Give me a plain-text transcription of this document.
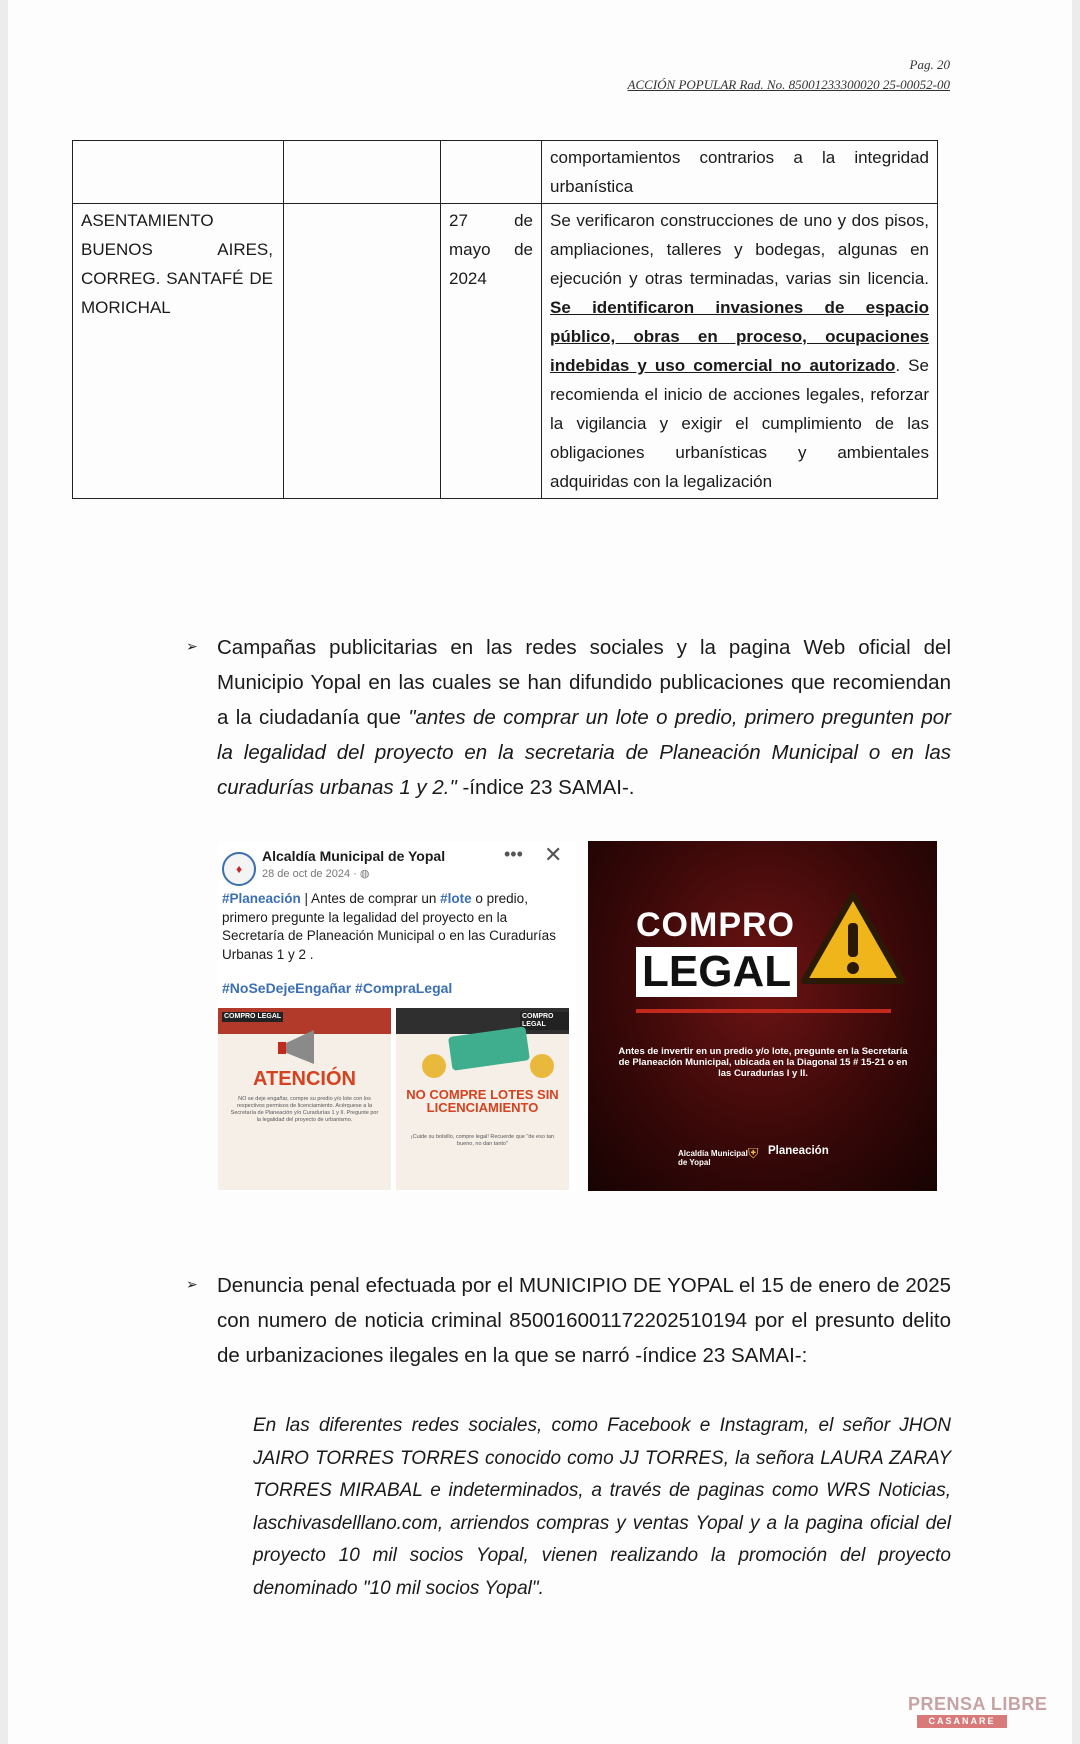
Pag. 20
ACCIÓN POPULAR Rad. No. 85001233300020 25-00052-00
			comportamientos contrarios a la integridad urbanística
ASENTAMIENTO BUENOS AIRES, CORREG. SANTAFÉ DE MORICHAL		27 de mayo de 2024	Se verificaron construcciones de uno y dos pisos, ampliaciones, talleres y bodegas, algunas en ejecución y otras terminadas, varias sin licencia. Se identificaron invasiones de espacio público, obras en proceso, ocupaciones indebidas y uso comercial no autorizado. Se recomienda el inicio de acciones legales, reforzar la vigilancia y exigir el cumplimiento de las obligaciones urbanísticas y ambientales adquiridas con la legalización
➢ Campañas publicitarias en las redes sociales y la pagina Web oficial del Municipio Yopal en las cuales se han difundido publicaciones que recomiendan a la ciudadanía que "antes de comprar un lote o predio, primero pregunten por la legalidad del proyecto en la secretaria de Planeación Municipal o en las curadurías urbanas 1 y 2." -índice 23 SAMAI-.
♦
Alcaldía Municipal de Yopal
28 de oct de 2024 · ◍
••• ✕
#Planeación | Antes de comprar un #lote o predio, primero pregunte la legalidad del proyecto en la Secretaría de Planeación Municipal o en las Curadurías Urbanas 1 y 2 .
#NoSeDejeEngañar #CompraLegal
COMPRO LEGAL
ATENCIÓN
NO se deje engañar, compre su predio y/o lote con los respectivos permisos de licenciamiento. Acérquese a la Secretaría de Planeación y/o Curadurías 1 y II. Pregunte por la legalidad del proyecto de urbanismo.
COMPRO LEGAL
NO COMPRE LOTES SIN LICENCIAMIENTO
¡Cuide su bolsillo, compre legal! Recuerde que "de eso tan bueno, no dan tanto"
COMPRO
LEGAL
Antes de invertir en un predio y/o lote, pregunte en la Secretaría de Planeación Municipal, ubicada en la Diagonal 15 # 15-21 o en las Curadurías I y II.
Alcaldía Municipal de Yopal
⛨ Planeación
➢ Denuncia penal efectuada por el MUNICIPIO DE YOPAL el 15 de enero de 2025 con numero de noticia criminal 850016001172202510194 por el presunto delito de urbanizaciones ilegales en la que se narró -índice 23 SAMAI-:
En las diferentes redes sociales, como Facebook e Instagram, el señor JHON JAIRO TORRES TORRES conocido como JJ TORRES, la señora LAURA ZARAY TORRES MIRABAL e indeterminados, a través de paginas como WRS Noticias, laschivasdelllano.com, arriendos compras y ventas Yopal y a la pagina oficial del proyecto 10 mil socios Yopal, vienen realizando la promoción del proyecto denominado "10 mil socios Yopal".
PRENSA LIBRE
CASANARE
